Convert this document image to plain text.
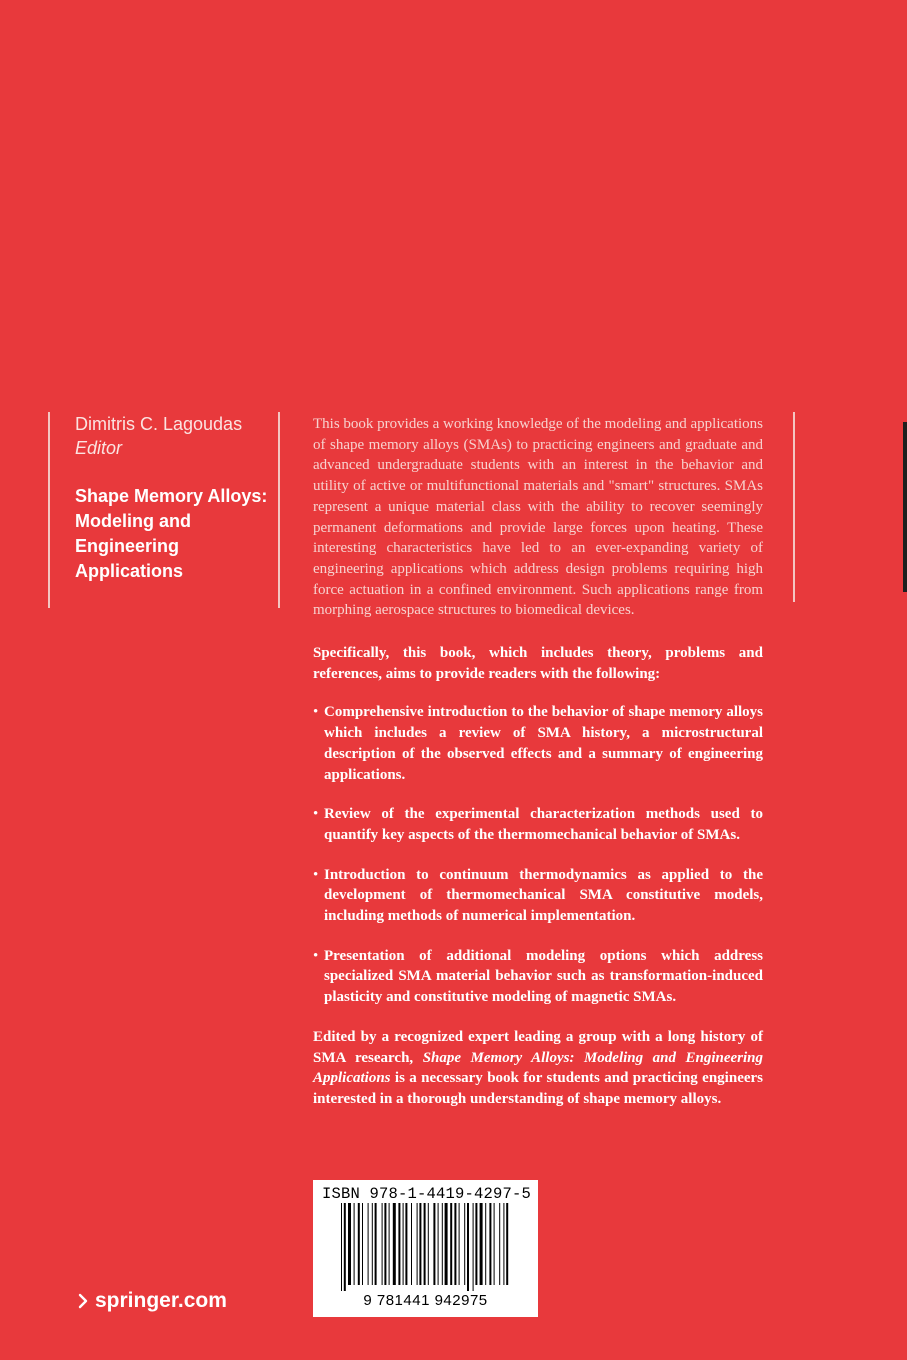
Dimitris C. Lagoudas
Editor
Shape Memory Alloys:
Modeling and
Engineering
Applications

This book provides a working knowledge of the modeling and applications of shape memory alloys (SMAs) to practicing engineers and graduate and advanced undergraduate students with an interest in the behavior and utility of active or multifunctional materials and "smart" structures. SMAs represent a unique material class with the ability to recover seemingly permanent deformations and provide large forces upon heating. These interesting characteristics have led to an ever-expanding variety of engineering applications which address design problems requiring high force actuation in a confined environment. Such applications range from morphing aerospace structures to biomedical devices.

Specifically, this book, which includes theory, problems and references, aims to provide readers with the following:

• Comprehensive introduction to the behavior of shape memory alloys which includes a review of SMA history, a microstructural description of the observed effects and a summary of engineering applications.
• Review of the experimental characterization methods used to quantify key aspects of the thermomechanical behavior of SMAs.
• Introduction to continuum thermodynamics as applied to the development of thermomechanical SMA constitutive models, including methods of numerical implementation.
• Presentation of additional modeling options which address specialized SMA material behavior such as transformation-induced plasticity and constitutive modeling of magnetic SMAs.

Edited by a recognized expert leading a group with a long history of SMA research, Shape Memory Alloys: Modeling and Engineering Applications is a necessary book for students and practicing engineers interested in a thorough understanding of shape memory alloys.

ISBN 978-1-4419-4297-5
9 781441 942975
springer.com
